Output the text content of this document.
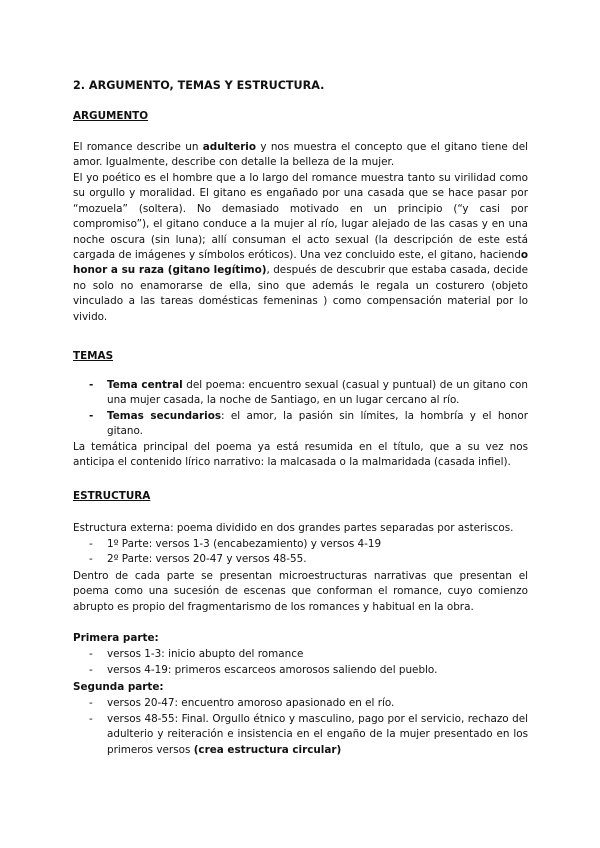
2. ARGUMENTO, TEMAS Y ESTRUCTURA.
ARGUMENTO
El romance describe un adulterio y nos muestra el concepto que el gitano tiene del amor. Igualmente, describe con detalle la belleza de la mujer.
El yo poético es el hombre que a lo largo del romance muestra tanto su virilidad como su orgullo y moralidad. El gitano es engañado por una casada que se hace pasar por “mozuela” (soltera). No demasiado motivado en un principio (“y casi por compromiso”), el gitano conduce a la mujer al río, lugar alejado de las casas y en una noche oscura (sin luna); allí consuman el acto sexual (la descripción de este está cargada de imágenes y símbolos eróticos). Una vez concluido este, el gitano, haciendo honor a su raza (gitano legítimo), después de descubrir que estaba casada, decide no solo no enamorarse de ella, sino que además le regala un costurero (objeto vinculado a las tareas domésticas femeninas ) como compensación material por lo vivido.
TEMAS
- Tema central del poema: encuentro sexual (casual y puntual) de un gitano con una mujer casada, la noche de Santiago, en un lugar cercano al río.
- Temas secundarios: el amor, la pasión sin límites, la hombría y el honor gitano.
La temática principal del poema ya está resumida en el título, que a su vez nos anticipa el contenido lírico narrativo: la malcasada o la malmaridada (casada infiel).
ESTRUCTURA
Estructura externa: poema dividido en dos grandes partes separadas por asteriscos.
- 1º Parte: versos 1-3 (encabezamiento) y versos 4-19
- 2º Parte: versos 20-47 y versos 48-55.
Dentro de cada parte se presentan microestructuras narrativas que presentan el poema como una sucesión de escenas que conforman el romance, cuyo comienzo abrupto es propio del fragmentarismo de los romances y habitual en la obra.
Primera parte:
- versos 1-3: inicio abupto del romance
- versos 4-19: primeros escarceos amorosos saliendo del pueblo.
Segunda parte:
- versos 20-47: encuentro amoroso apasionado en el río.
- versos 48-55: Final. Orgullo étnico y masculino, pago por el servicio, rechazo del adulterio y reiteración e insistencia en el engaño de la mujer presentado en los primeros versos (crea estructura circular)
